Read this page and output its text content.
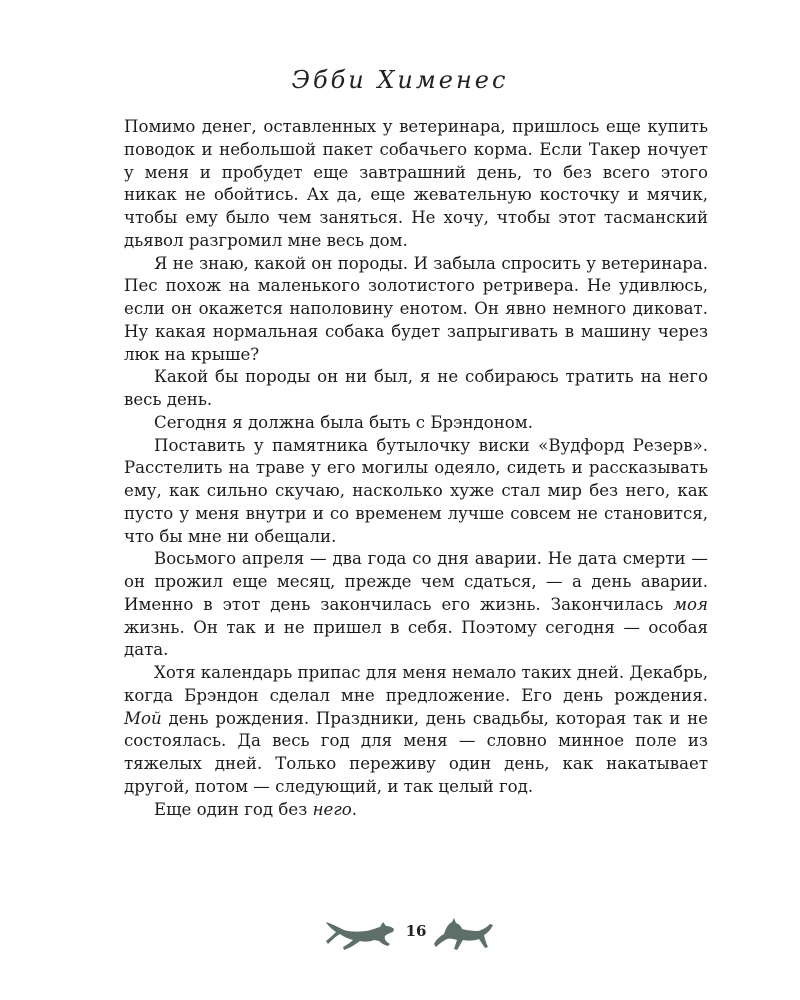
Эбби Хименес

Помимо денег, оставленных у ветеринара, пришлось еще купить поводок и небольшой пакет собачьего корма. Если Такер ночует у меня и пробудет еще завтрашний день, то без всего этого никак не обойтись. Ах да, еще жевательную косточку и мячик, чтобы ему было чем заняться. Не хочу, чтобы этот тасманский дьявол разгромил мне весь дом.

Я не знаю, какой он породы. И забыла спросить у ветеринара. Пес похож на маленького золотистого ретривера. Не удивлюсь, если он окажется наполовину енотом. Он явно немного диковат. Ну какая нормальная собака будет запрыгивать в машину через люк на крыше?

Какой бы породы он ни был, я не собираюсь тратить на него весь день.

Сегодня я должна была быть с Брэндоном.

Поставить у памятника бутылочку виски «Вудфорд Резерв». Расстелить на траве у его могилы одеяло, сидеть и рассказывать ему, как сильно скучаю, насколько хуже стал мир без него, как пусто у меня внутри и со временем лучше совсем не становится, что бы мне ни обещали.

Восьмого апреля — два года со дня аварии. Не дата смерти — он прожил еще месяц, прежде чем сдаться, — а день аварии. Именно в этот день закончилась его жизнь. Закончилась моя жизнь. Он так и не пришел в себя. Поэтому сегодня — особая дата.

Хотя календарь припас для меня немало таких дней. Декабрь, когда Брэндон сделал мне предложение. Его день рождения. Мой день рождения. Праздники, день свадьбы, которая так и не состоялась. Да весь год для меня — словно минное поле из тяжелых дней. Только переживу один день, как накатывает другой, потом — следующий, и так целый год.

Еще один год без него.

16
